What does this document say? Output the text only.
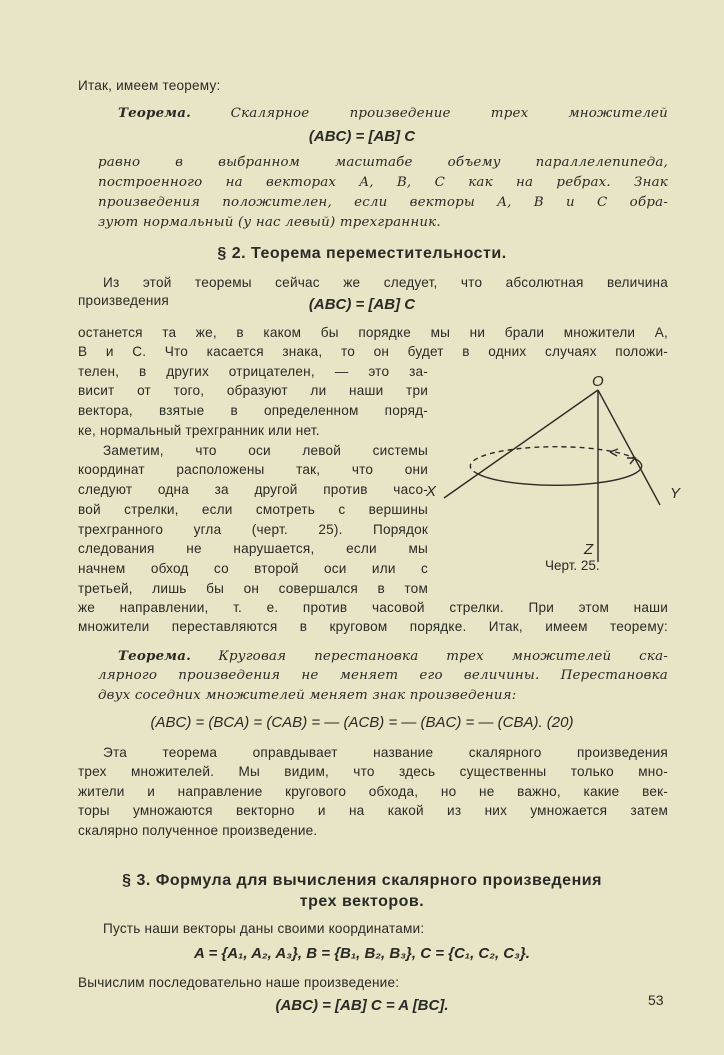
Итак, имеем теорему:
Теорема.	Скалярное произведение трех множителей
(ABC) = [AB] C
равно в выбранном масштабе объему параллелепипеда,
построенного на векторах A, B, C как на ребрах. Знак
произведения положителен, если векторы A, B и C обра-
зуют нормальный (у нас левый) трехгранник.
§ 2. Теорема переместительности.
Из этой теоремы сейчас же следует, что абсолютная величина
произведения	(ABC) = [AB] C
останется та же, в каком бы порядке мы ни брали множители A,
B и C. Что касается знака, то он будет в одних случаях положи-
телен, в других отрицателен, — это за-
висит от того, образуют ли наши три
вектора, взятые в определенном поряд-
ке, нормальный трехгранник или нет.
Заметим, что оси левой системы
координат расположены так, что они
следуют одна за другой против часо-
вой стрелки, если смотреть с вершины
трехгранного угла (черт. 25). Порядок
следования не нарушается, если мы
начнем обход со второй оси или с
третьей, лишь бы он совершался в том
же направлении, т. е. против часовой стрелки. При этом наши
множители переставляются в круговом порядке. Итак, имеем теорему:
O
X	Y
Z
Черт. 25.
Теорема. Круговая перестановка трех множителей ска-
лярного произведения не меняет его величины. Перестановка
двух соседних множителей меняет знак произведения:
(ABC) = (BCA) = (CAB) = — (ACB) = — (BAC) = — (CBA). (20)
Эта теорема оправдывает название скалярного произведения
трех множителей. Мы видим, что здесь существенны только мно-
жители и направление кругового обхода, но не важно, какие век-
торы умножаются векторно и на какой из них умножается затем
скалярно полученное произведение.
§ 3. Формула для вычисления скалярного произведения
трех векторов.
Пусть наши векторы даны своими координатами:
A = {A₁, A₂, A₃}, B = {B₁, B₂, B₃}, C = {C₁, C₂, C₃}.
Вычислим последовательно наше произведение:
(ABC) = [AB] C = A [BC].	53
